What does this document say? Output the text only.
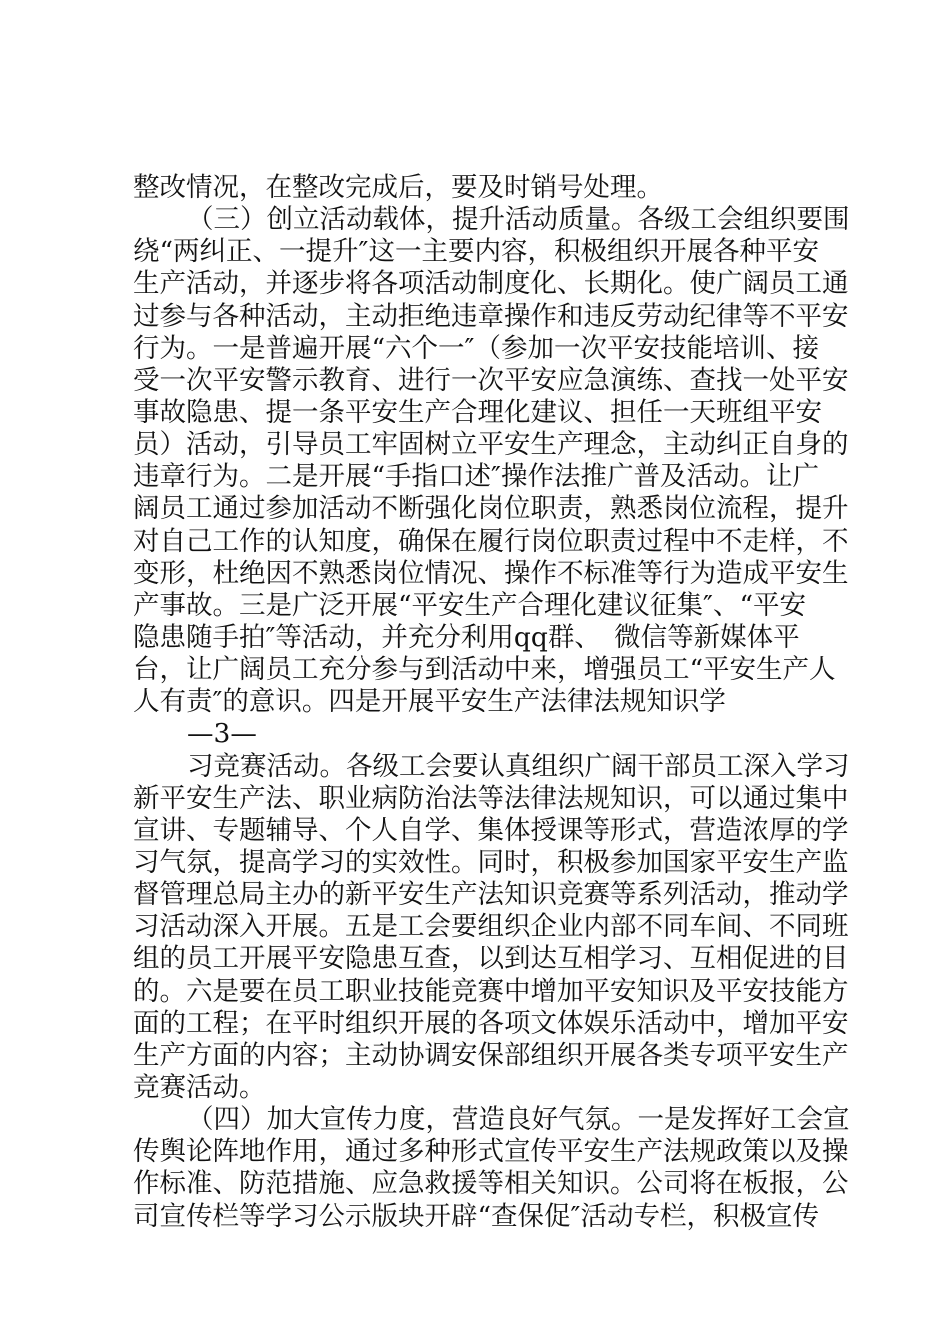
整改情况，在整改完成后，要及时销号处理。
（三）创立活动载体，提升活动质量。各级工会组织要围
绕“两纠正、一提升″这一主要内容，积极组织开展各种平安
生产活动，并逐步将各项活动制度化、长期化。使广阔员工通
过参与各种活动，主动拒绝违章操作和违反劳动纪律等不平安
行为。一是普遍开展“六个一″（参加一次平安技能培训、接
受一次平安警示教育、进行一次平安应急演练、查找一处平安
事故隐患、提一条平安生产合理化建议、担任一天班组平安
员）活动，引导员工牢固树立平安生产理念，主动纠正自身的
违章行为。二是开展“手指口述″操作法推广普及活动。让广
阔员工通过参加活动不断强化岗位职责，熟悉岗位流程，提升
对自己工作的认知度，确保在履行岗位职责过程中不走样，不
变形，杜绝因不熟悉岗位情况、操作不标准等行为造成平安生
产事故。三是广泛开展“平安生产合理化建议征集″、“平安
隐患随手拍″等活动，并充分利用qq群、　微信等新媒体平
台，让广阔员工充分参与到活动中来，增强员工“平安生产人
人有责″的意识。四是开展平安生产法律法规知识学
—3—
习竞赛活动。各级工会要认真组织广阔干部员工深入学习
新平安生产法、职业病防治法等法律法规知识，可以通过集中
宣讲、专题辅导、个人自学、集体授课等形式，营造浓厚的学
习气氛，提高学习的实效性。同时，积极参加国家平安生产监
督管理总局主办的新平安生产法知识竞赛等系列活动，推动学
习活动深入开展。五是工会要组织企业内部不同车间、不同班
组的员工开展平安隐患互查，以到达互相学习、互相促进的目
的。六是要在员工职业技能竞赛中增加平安知识及平安技能方
面的工程；在平时组织开展的各项文体娱乐活动中，增加平安
生产方面的内容；主动协调安保部组织开展各类专项平安生产
竞赛活动。
（四）加大宣传力度，营造良好气氛。一是发挥好工会宣
传舆论阵地作用，通过多种形式宣传平安生产法规政策以及操
作标准、防范措施、应急救援等相关知识。公司将在板报，公
司宣传栏等学习公示版块开辟“查保促″活动专栏，积极宣传
